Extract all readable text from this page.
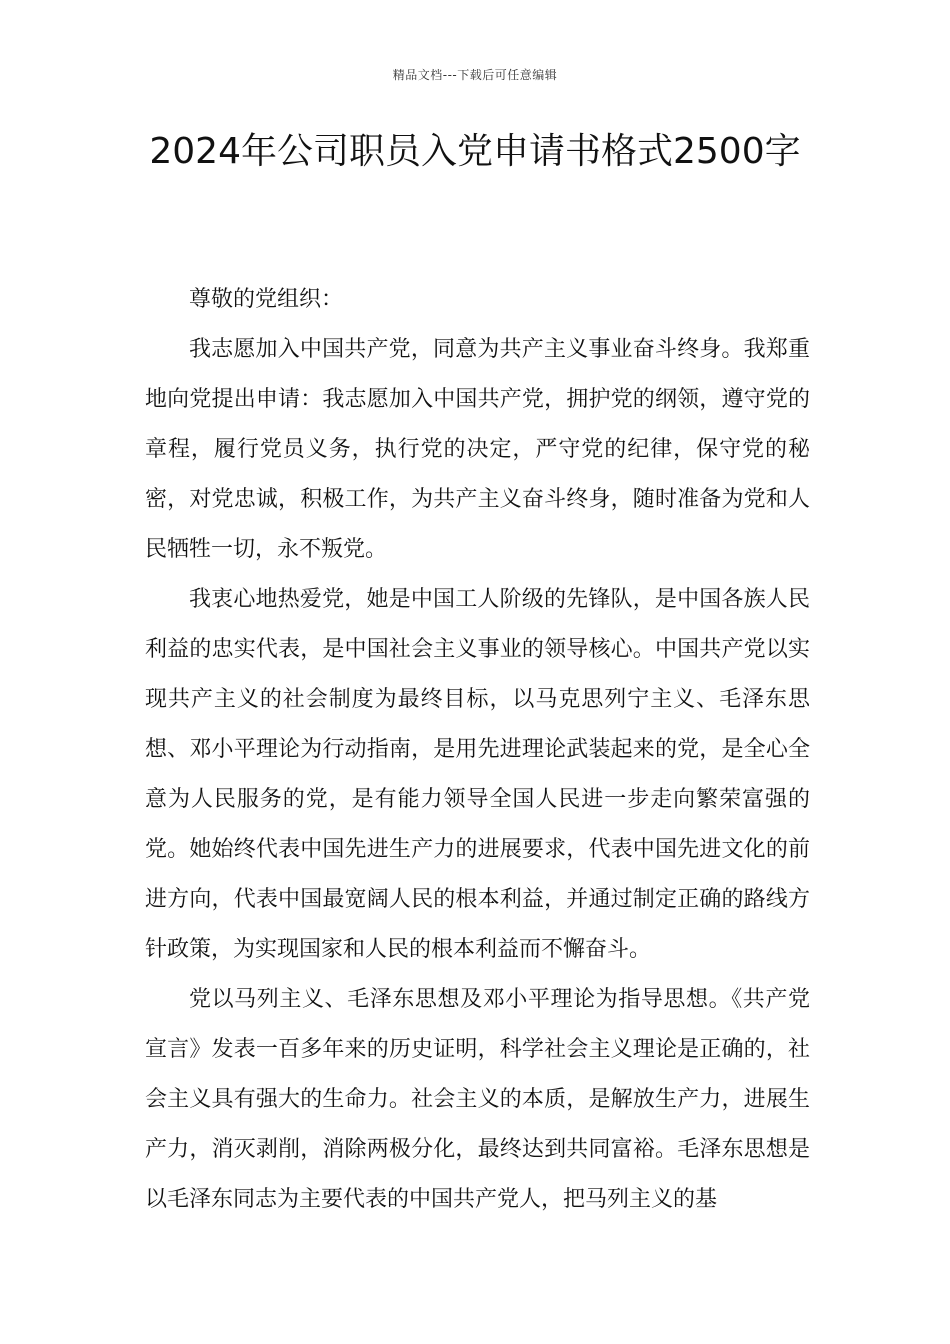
精品文档---下载后可任意编辑
2024年公司职员入党申请书格式2500字

尊敬的党组织：

我志愿加入中国共产党，同意为共产主义事业奋斗终身。我郑重地向党提出申请：我志愿加入中国共产党，拥护党的纲领，遵守党的章程，履行党员义务，执行党的决定，严守党的纪律，保守党的秘密，对党忠诚，积极工作，为共产主义奋斗终身，随时准备为党和人民牺牲一切，永不叛党。

我衷心地热爱党，她是中国工人阶级的先锋队，是中国各族人民利益的忠实代表，是中国社会主义事业的领导核心。中国共产党以实现共产主义的社会制度为最终目标，以马克思列宁主义、毛泽东思想、邓小平理论为行动指南，是用先进理论武装起来的党，是全心全意为人民服务的党，是有能力领导全国人民进一步走向繁荣富强的党。她始终代表中国先进生产力的进展要求，代表中国先进文化的前进方向，代表中国最宽阔人民的根本利益，并通过制定正确的路线方针政策，为实现国家和人民的根本利益而不懈奋斗。

党以马列主义、毛泽东思想及邓小平理论为指导思想。《共产党宣言》发表一百多年来的历史证明，科学社会主义理论是正确的，社会主义具有强大的生命力。社会主义的本质，是解放生产力，进展生产力，消灭剥削，消除两极分化，最终达到共同富裕。毛泽东思想是以毛泽东同志为主要代表的中国共产党人，把马列主义的基
